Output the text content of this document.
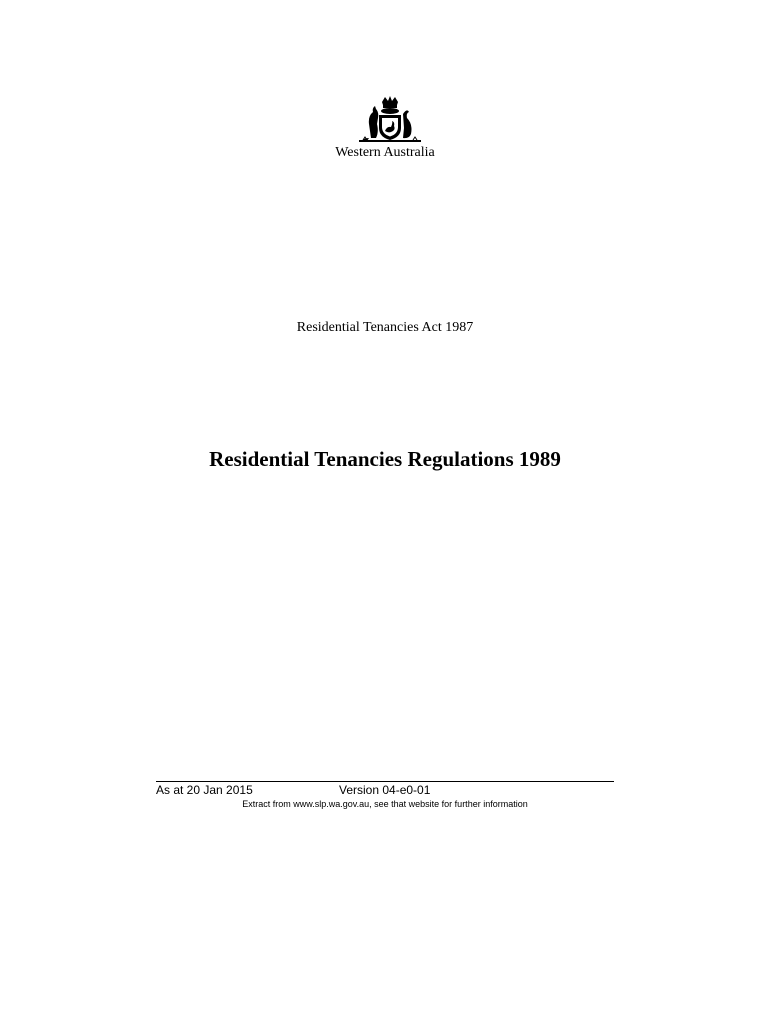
Western Australia
Residential Tenancies Act 1987
Residential Tenancies Regulations 1989
As at 20 Jan 2015	Version 04-e0-01
Extract from www.slp.wa.gov.au, see that website for further information
